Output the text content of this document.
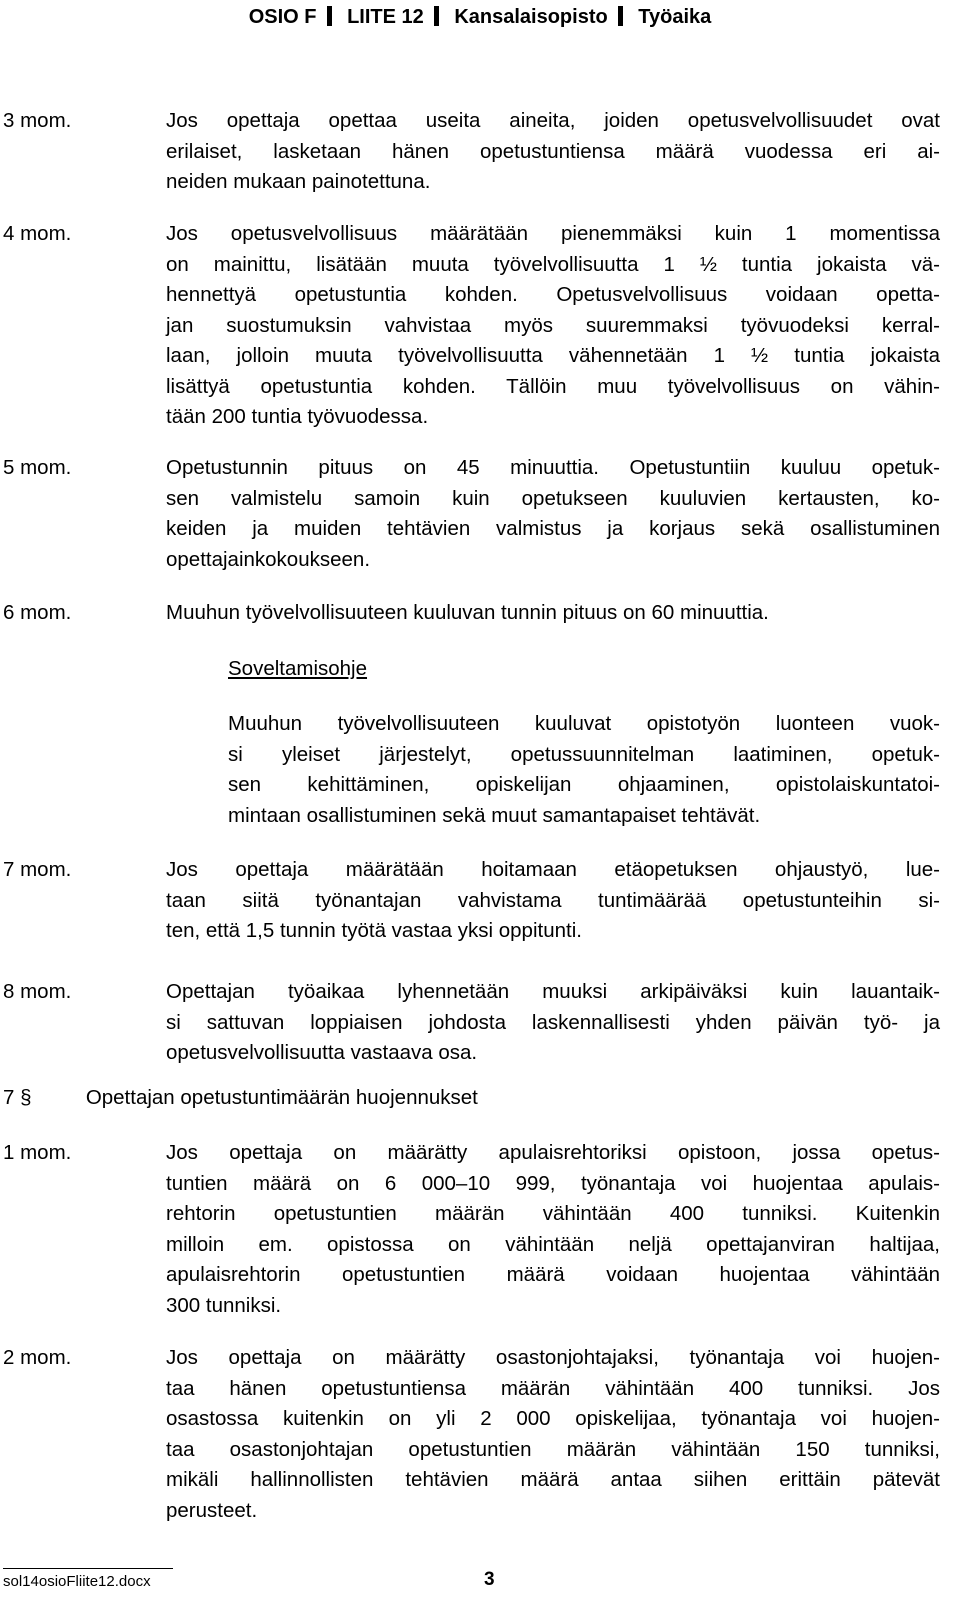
OSIO F LIITE 12 Kansalaisopisto Työaika
3 mom.	Jos opettaja opettaa useita aineita, joiden opetusvelvollisuudet ovat
erilaiset, lasketaan hänen opetustuntiensa määrä vuodessa eri ai-
neiden mukaan painotettuna.
4 mom.	Jos opetusvelvollisuus määrätään pienemmäksi kuin 1 momentissa
on mainittu, lisätään muuta työvelvollisuutta 1 ½ tuntia jokaista vä-
hennettyä opetustuntia kohden. Opetusvelvollisuus voidaan opetta-
jan suostumuksin vahvistaa myös suuremmaksi työvuodeksi kerral-
laan, jolloin muuta työvelvollisuutta vähennetään 1 ½ tuntia jokaista
lisättyä opetustuntia kohden. Tällöin muu työvelvollisuus on vähin-
tään 200 tuntia työvuodessa.
5 mom.	Opetustunnin pituus on 45 minuuttia. Opetustuntiin kuuluu opetuk-
sen valmistelu samoin kuin opetukseen kuuluvien kertausten, ko-
keiden ja muiden tehtävien valmistus ja korjaus sekä osallistuminen
opettajainkokoukseen.
6 mom.	Muuhun työvelvollisuuteen kuuluvan tunnin pituus on 60 minuuttia.
Soveltamisohje
Muuhun työvelvollisuuteen kuuluvat opistotyön luonteen vuok-
si yleiset järjestelyt, opetussuunnitelman laatiminen, opetuk-
sen kehittäminen, opiskelijan ohjaaminen, opistolaiskuntatoi-
mintaan osallistuminen sekä muut samantapaiset tehtävät.
7 mom.	Jos opettaja määrätään hoitamaan etäopetuksen ohjaustyö, lue-
taan siitä työnantajan vahvistama tuntimäärää opetustunteihin si-
ten, että 1,5 tunnin työtä vastaa yksi oppitunti.
8 mom.	Opettajan työaikaa lyhennetään muuksi arkipäiväksi kuin lauantaik-
si sattuvan loppiaisen johdosta laskennallisesti yhden päivän työ- ja
opetusvelvollisuutta vastaava osa.
7 §	Opettajan opetustuntimäärän huojennukset
1 mom.	Jos opettaja on määrätty apulaisrehtoriksi opistoon, jossa opetus-
tuntien määrä on 6 000–10 999, työnantaja voi huojentaa apulais-
rehtorin opetustuntien määrän vähintään 400 tunniksi. Kuitenkin
milloin em. opistossa on vähintään neljä opettajanviran haltijaa,
apulaisrehtorin opetustuntien määrä voidaan huojentaa vähintään
300 tunniksi.
2 mom.	Jos opettaja on määrätty osastonjohtajaksi, työnantaja voi huojen-
taa hänen opetustuntiensa määrän vähintään 400 tunniksi. Jos
osastossa kuitenkin on yli 2 000 opiskelijaa, työnantaja voi huojen-
taa osastonjohtajan opetustuntien määrän vähintään 150 tunniksi,
mikäli hallinnollisten tehtävien määrä antaa siihen erittäin pätevät
perusteet.
sol14osioFliite12.docx	3
